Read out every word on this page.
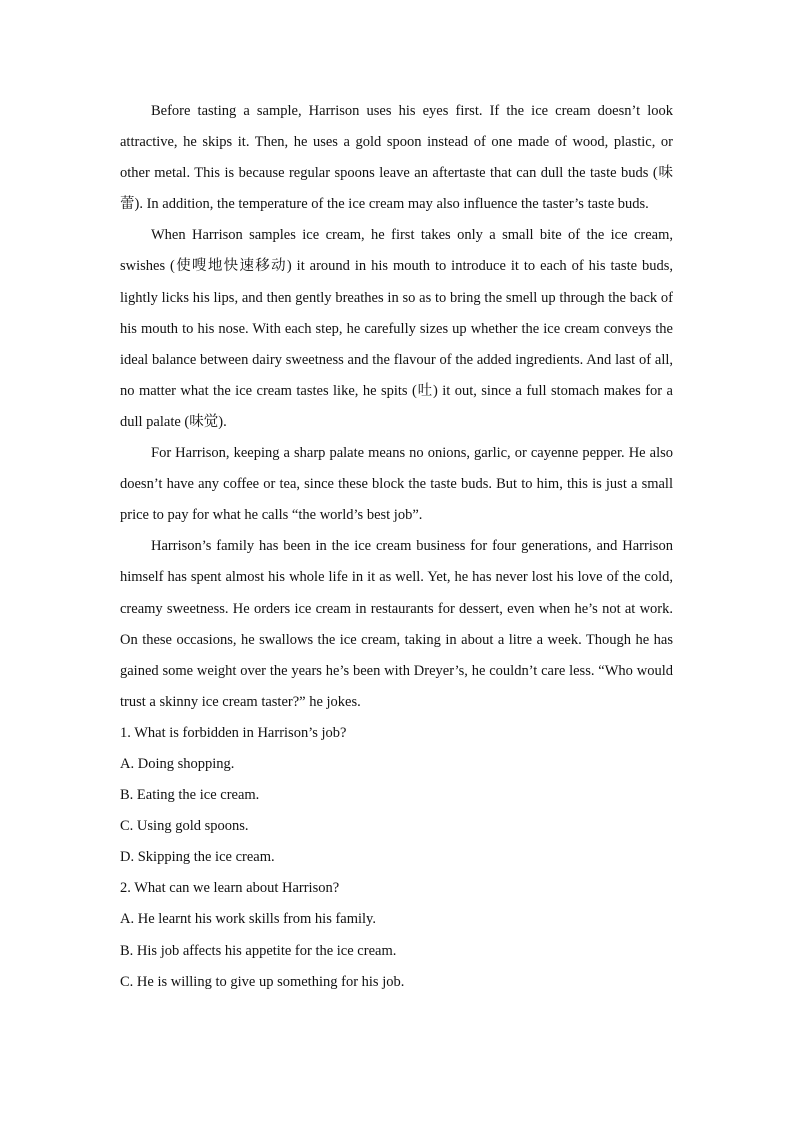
Before tasting a sample, Harrison uses his eyes first. If the ice cream doesn’t look attractive, he skips it. Then, he uses a gold spoon instead of one made of wood, plastic, or other metal. This is because regular spoons leave an aftertaste that can dull the taste buds (味蕾). In addition, the temperature of the ice cream may also influence the taster’s taste buds.

When Harrison samples ice cream, he first takes only a small bite of the ice cream, swishes (使嗖地快速移动) it around in his mouth to introduce it to each of his taste buds, lightly licks his lips, and then gently breathes in so as to bring the smell up through the back of his mouth to his nose. With each step, he carefully sizes up whether the ice cream conveys the ideal balance between dairy sweetness and the flavour of the added ingredients. And last of all, no matter what the ice cream tastes like, he spits (吐) it out, since a full stomach makes for a dull palate (味觉).

For Harrison, keeping a sharp palate means no onions, garlic, or cayenne pepper. He also doesn’t have any coffee or tea, since these block the taste buds. But to him, this is just a small price to pay for what he calls “the world’s best job”.

Harrison’s family has been in the ice cream business for four generations, and Harrison himself has spent almost his whole life in it as well. Yet, he has never lost his love of the cold, creamy sweetness. He orders ice cream in restaurants for dessert, even when he’s not at work. On these occasions, he swallows the ice cream, taking in about a litre a week. Though he has gained some weight over the years he’s been with Dreyer’s, he couldn’t care less. “Who would trust a skinny ice cream taster?” he jokes.

1. What is forbidden in Harrison’s job?
A. Doing shopping.
B. Eating the ice cream.
C. Using gold spoons.
D. Skipping the ice cream.
2. What can we learn about Harrison?
A. He learnt his work skills from his family.
B. His job affects his appetite for the ice cream.
C. He is willing to give up something for his job.
